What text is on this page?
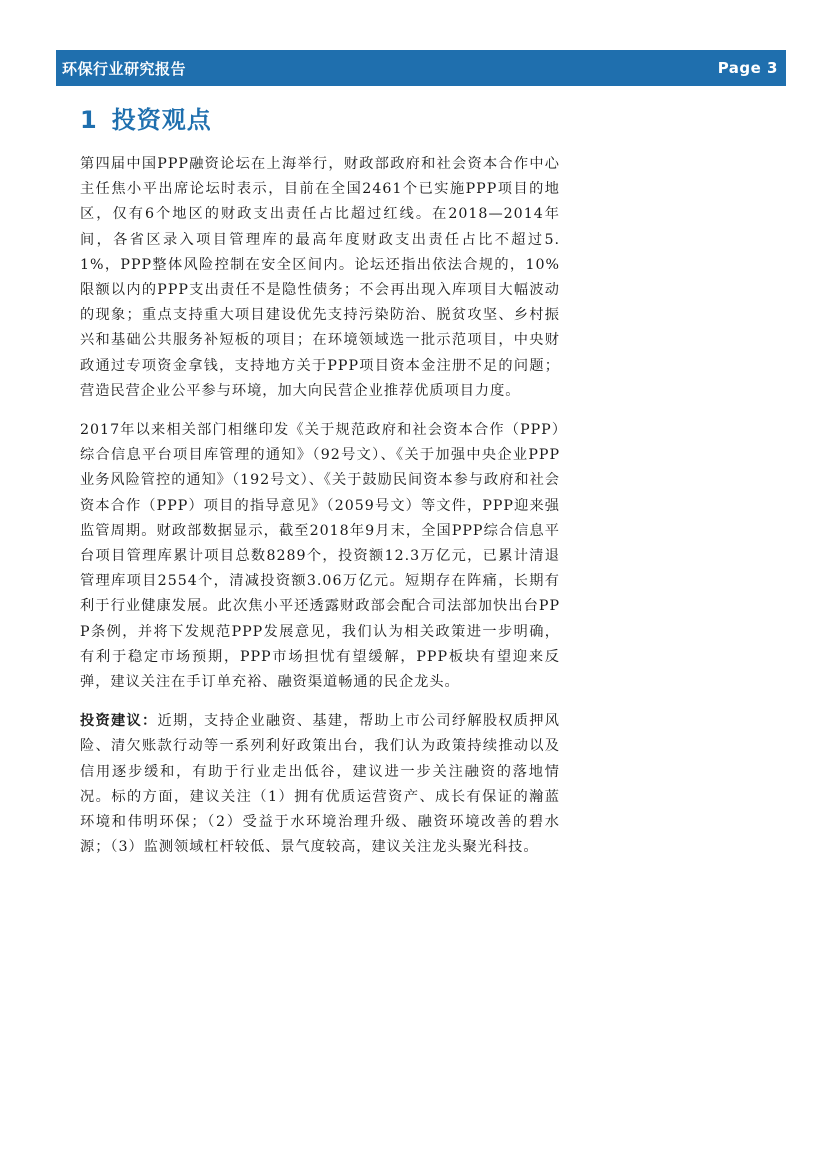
环保行业研究报告	Page 3
1 投资观点

第四届中国PPP融资论坛在上海举行，财政部政府和社会资本合作中心主任焦小平出席论坛时表示，目前在全国2461个已实施PPP项目的地区，仅有6个地区的财政支出责任占比超过红线。在2018—2014年间，各省区录入项目管理库的最高年度财政支出责任占比不超过5.1%，PPP整体风险控制在安全区间内。论坛还指出依法合规的，10%限额以内的PPP支出责任不是隐性债务；不会再出现入库项目大幅波动的现象；重点支持重大项目建设优先支持污染防治、脱贫攻坚、乡村振兴和基础公共服务补短板的项目；在环境领域选一批示范项目，中央财政通过专项资金拿钱，支持地方关于PPP项目资本金注册不足的问题；营造民营企业公平参与环境，加大向民营企业推荐优质项目力度。

2017年以来相关部门相继印发《关于规范政府和社会资本合作（PPP）综合信息平台项目库管理的通知》（92号文）、《关于加强中央企业PPP业务风险管控的通知》（192号文）、《关于鼓励民间资本参与政府和社会资本合作（PPP）项目的指导意见》（2059号文）等文件，PPP迎来强监管周期。财政部数据显示，截至2018年9月末，全国PPP综合信息平台项目管理库累计项目总数8289个，投资额12.3万亿元，已累计清退管理库项目2554个，清减投资额3.06万亿元。短期存在阵痛，长期有利于行业健康发展。此次焦小平还透露财政部会配合司法部加快出台PPP条例，并将下发规范PPP发展意见，我们认为相关政策进一步明确，有利于稳定市场预期，PPP市场担忧有望缓解，PPP板块有望迎来反弹，建议关注在手订单充裕、融资渠道畅通的民企龙头。

投资建议：近期，支持企业融资、基建，帮助上市公司纾解股权质押风险、清欠账款行动等一系列利好政策出台，我们认为政策持续推动以及信用逐步缓和，有助于行业走出低谷，建议进一步关注融资的落地情况。标的方面，建议关注（1）拥有优质运营资产、成长有保证的瀚蓝环境和伟明环保；（2）受益于水环境治理升级、融资环境改善的碧水源；（3）监测领域杠杆较低、景气度较高，建议关注龙头聚光科技。
